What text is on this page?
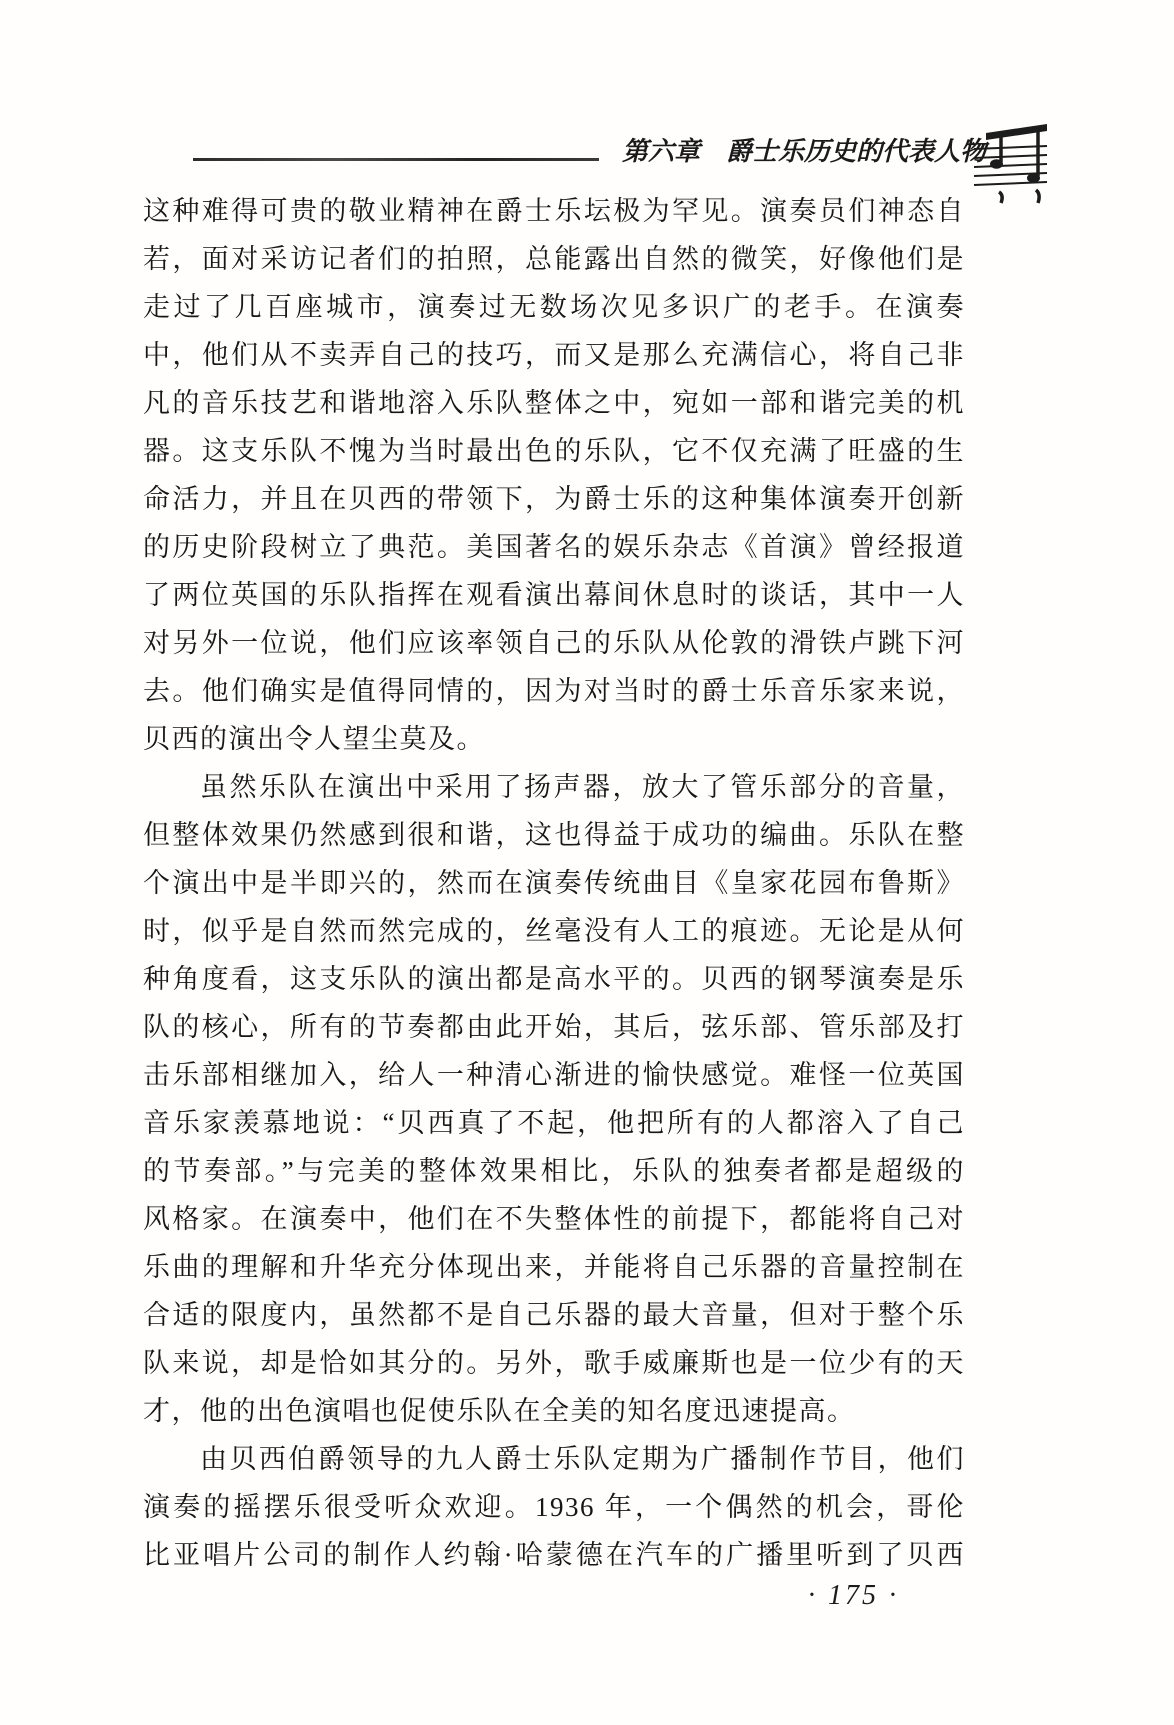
第六章　爵士乐历史的代表人物
这种难得可贵的敬业精神在爵士乐坛极为罕见。演奏员们神态自
若，面对采访记者们的拍照，总能露出自然的微笑，好像他们是
走过了几百座城市，演奏过无数场次见多识广的老手。在演奏
中，他们从不卖弄自己的技巧，而又是那么充满信心，将自己非
凡的音乐技艺和谐地溶入乐队整体之中，宛如一部和谐完美的机
器。这支乐队不愧为当时最出色的乐队，它不仅充满了旺盛的生
命活力，并且在贝西的带领下，为爵士乐的这种集体演奏开创新
的历史阶段树立了典范。美国著名的娱乐杂志《首演》曾经报道
了两位英国的乐队指挥在观看演出幕间休息时的谈话，其中一人
对另外一位说，他们应该率领自己的乐队从伦敦的滑铁卢跳下河
去。他们确实是值得同情的，因为对当时的爵士乐音乐家来说，
贝西的演出令人望尘莫及。
虽然乐队在演出中采用了扬声器，放大了管乐部分的音量，
但整体效果仍然感到很和谐，这也得益于成功的编曲。乐队在整
个演出中是半即兴的，然而在演奏传统曲目《皇家花园布鲁斯》
时，似乎是自然而然完成的，丝毫没有人工的痕迹。无论是从何
种角度看，这支乐队的演出都是高水平的。贝西的钢琴演奏是乐
队的核心，所有的节奏都由此开始，其后，弦乐部、管乐部及打
击乐部相继加入，给人一种清心渐进的愉快感觉。难怪一位英国
音乐家羡慕地说：“贝西真了不起，他把所有的人都溶入了自己
的节奏部。”与完美的整体效果相比，乐队的独奏者都是超级的
风格家。在演奏中，他们在不失整体性的前提下，都能将自己对
乐曲的理解和升华充分体现出来，并能将自己乐器的音量控制在
合适的限度内，虽然都不是自己乐器的最大音量，但对于整个乐
队来说，却是恰如其分的。另外，歌手威廉斯也是一位少有的天
才，他的出色演唱也促使乐队在全美的知名度迅速提高。
由贝西伯爵领导的九人爵士乐队定期为广播制作节目，他们
演奏的摇摆乐很受听众欢迎。1936 年，一个偶然的机会，哥伦
比亚唱片公司的制作人约翰·哈蒙德在汽车的广播里听到了贝西
· 175 ·
